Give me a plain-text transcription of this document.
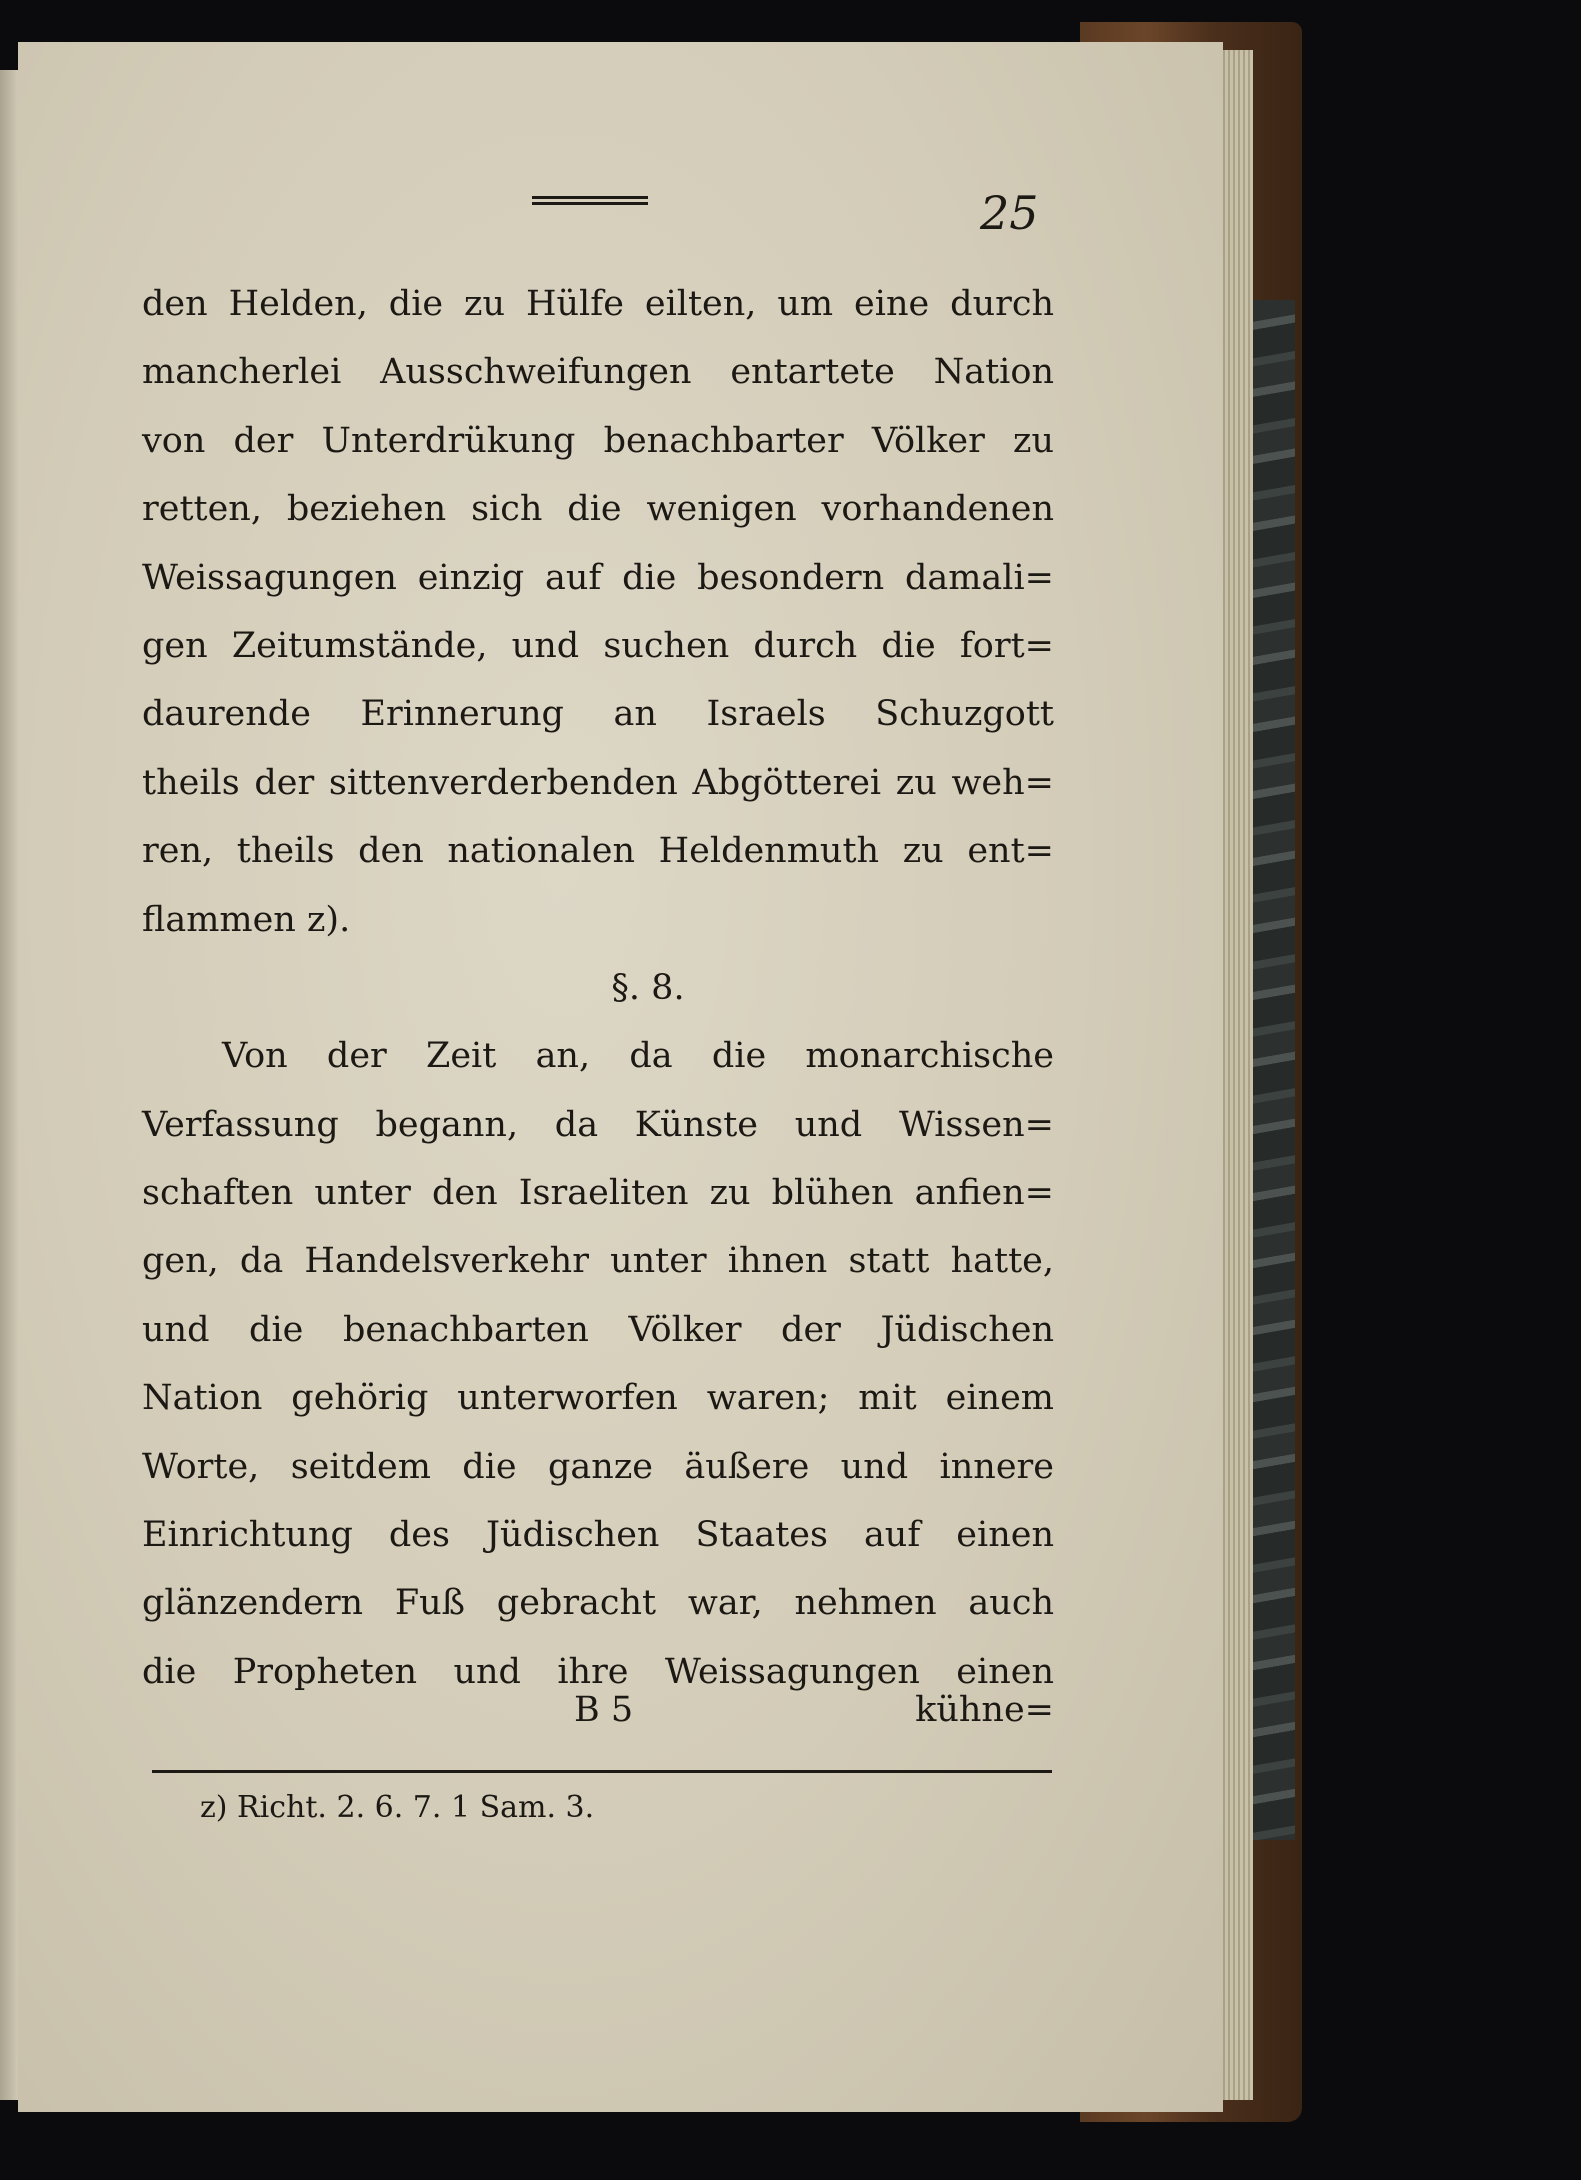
25
den Helden, die zu Hülfe eilten, um eine durch
mancherlei Ausschweifungen entartete Nation
von der Unterdrükung benachbarter Völker zu
retten, beziehen sich die wenigen vorhandenen
Weissagungen einzig auf die besondern damali=
gen Zeitumstände, und suchen durch die fort=
daurende Erinnerung an Israels Schuzgott
theils der sittenverderbenden Abgötterei zu weh=
ren, theils den nationalen Heldenmuth zu ent=
flammen z).
§. 8.
Von der Zeit an, da die monarchische
Verfassung begann, da Künste und Wissen=
schaften unter den Israeliten zu blühen anfien=
gen, da Handelsverkehr unter ihnen statt hatte,
und die benachbarten Völker der Jüdischen
Nation gehörig unterworfen waren; mit einem
Worte, seitdem die ganze äußere und innere
Einrichtung des Jüdischen Staates auf einen
glänzendern Fuß gebracht war, nehmen auch
die Propheten und ihre Weissagungen einen
B 5	kühne=
z) Richt. 2. 6. 7. 1 Sam. 3.
